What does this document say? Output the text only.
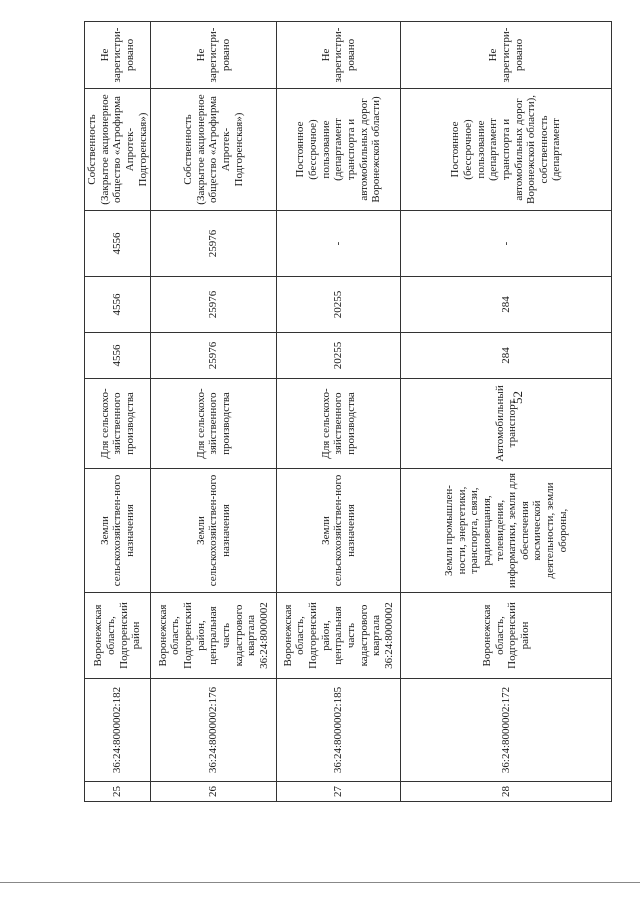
52
25	36:24:8000002:182	Воронежская область, Подгоренский район	Земли сельскохозяйствен-ного назначения	Для сельскохо-зяйственного производства	4556	4556	4556	Собственность (Закрытое акционерное общество «Агрофирма Апротек-Подгоренская»)	Не зарегистри-ровано
26	36:24:8000002:176	Воронежская область, Подгоренский район, центральная часть кадастрового квартала 36:24:8000002	Земли сельскохозяйствен-ного назначения	Для сельскохо-зяйственного производства	25976	25976	25976	Собственность (Закрытое акционерное общество «Агрофирма Апротек-Подгоренская»)	Не зарегистри-ровано
27	36:24:8000002:185	Воронежская область, Подгоренский район, центральная часть кадастрового квартала 36:24:8000002	Земли сельскохозяйствен-ного назначения	Для сельскохо-зяйственного производства	20255	20255	-	Постоянное (бессрочное) пользование (департамент транспорта и автомобильных дорог Воронежской области)	Не зарегистри-ровано
28	36:24:8000002:172	Воронежская область, Подгоренский район	Земли промышлен-ности, энергетики, транспорта, связи, радиовещания, телевидения, информатики, земли для обеспечения космической деятельности, земли обороны,	Автомобильный транспорт	284	284	-	Постоянное (бессрочное) пользование (департамент транспорта и автомобильных дорог Воронежской области), собственность (департамент	Не зарегистри-ровано
